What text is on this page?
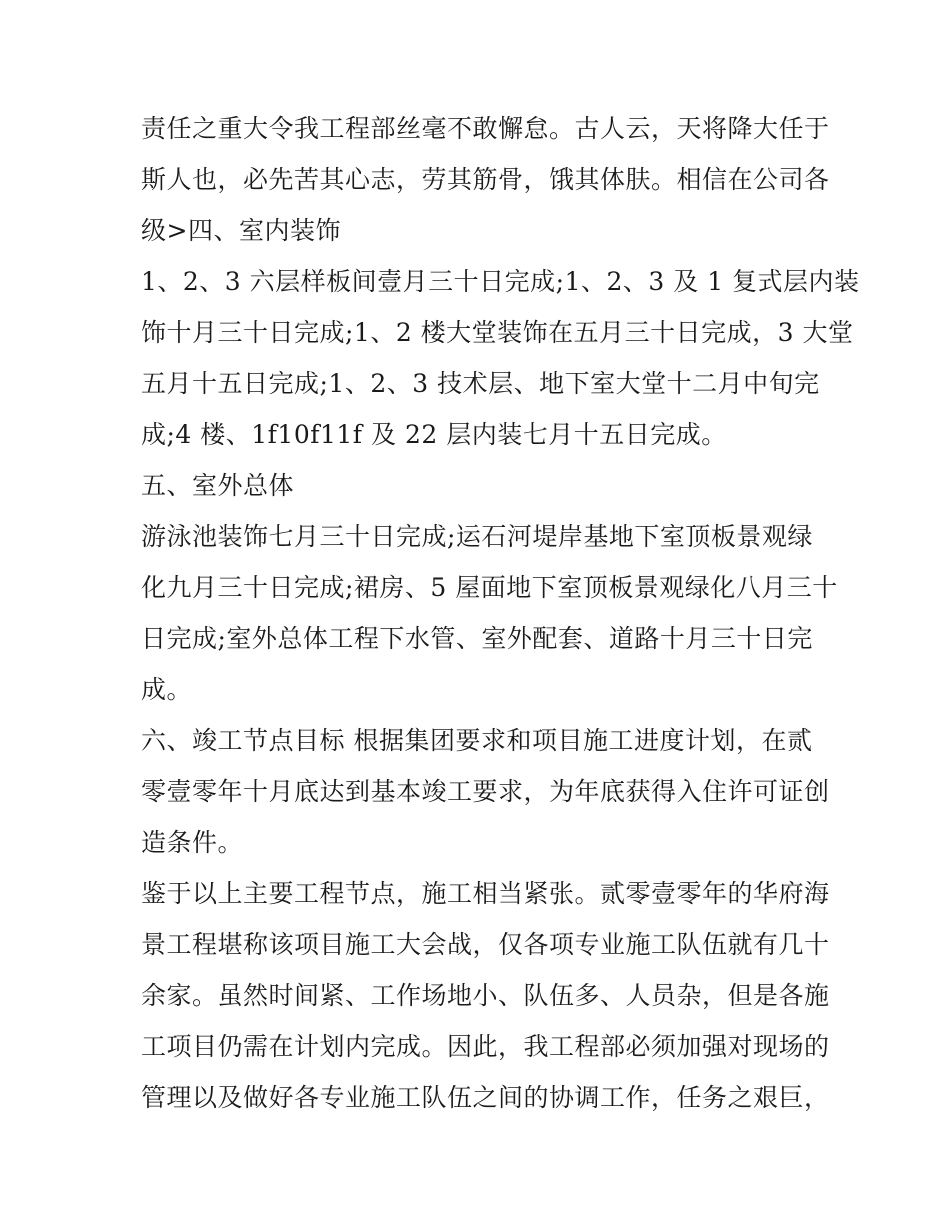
责任之重大令我工程部丝毫不敢懈怠。古人云，天将降大任于
斯人也，必先苦其心志，劳其筋骨，饿其体肤。相信在公司各
级>四、室内装饰
1、2、3 六层样板间壹月三十日完成;1、2、3 及 1 复式层内装
饰十月三十日完成;1、2 楼大堂装饰在五月三十日完成，3 大堂
五月十五日完成;1、2、3 技术层、地下室大堂十二月中旬完
成;4 楼、1f10f11f 及 22 层内装七月十五日完成。
五、室外总体
游泳池装饰七月三十日完成;运石河堤岸基地下室顶板景观绿
化九月三十日完成;裙房、5 屋面地下室顶板景观绿化八月三十
日完成;室外总体工程下水管、室外配套、道路十月三十日完
成。
六、竣工节点目标 根据集团要求和项目施工进度计划，在贰
零壹零年十月底达到基本竣工要求，为年底获得入住许可证创
造条件。
鉴于以上主要工程节点，施工相当紧张。贰零壹零年的华府海
景工程堪称该项目施工大会战，仅各项专业施工队伍就有几十
余家。虽然时间紧、工作场地小、队伍多、人员杂，但是各施
工项目仍需在计划内完成。因此，我工程部必须加强对现场的
管理以及做好各专业施工队伍之间的协调工作，任务之艰巨，
